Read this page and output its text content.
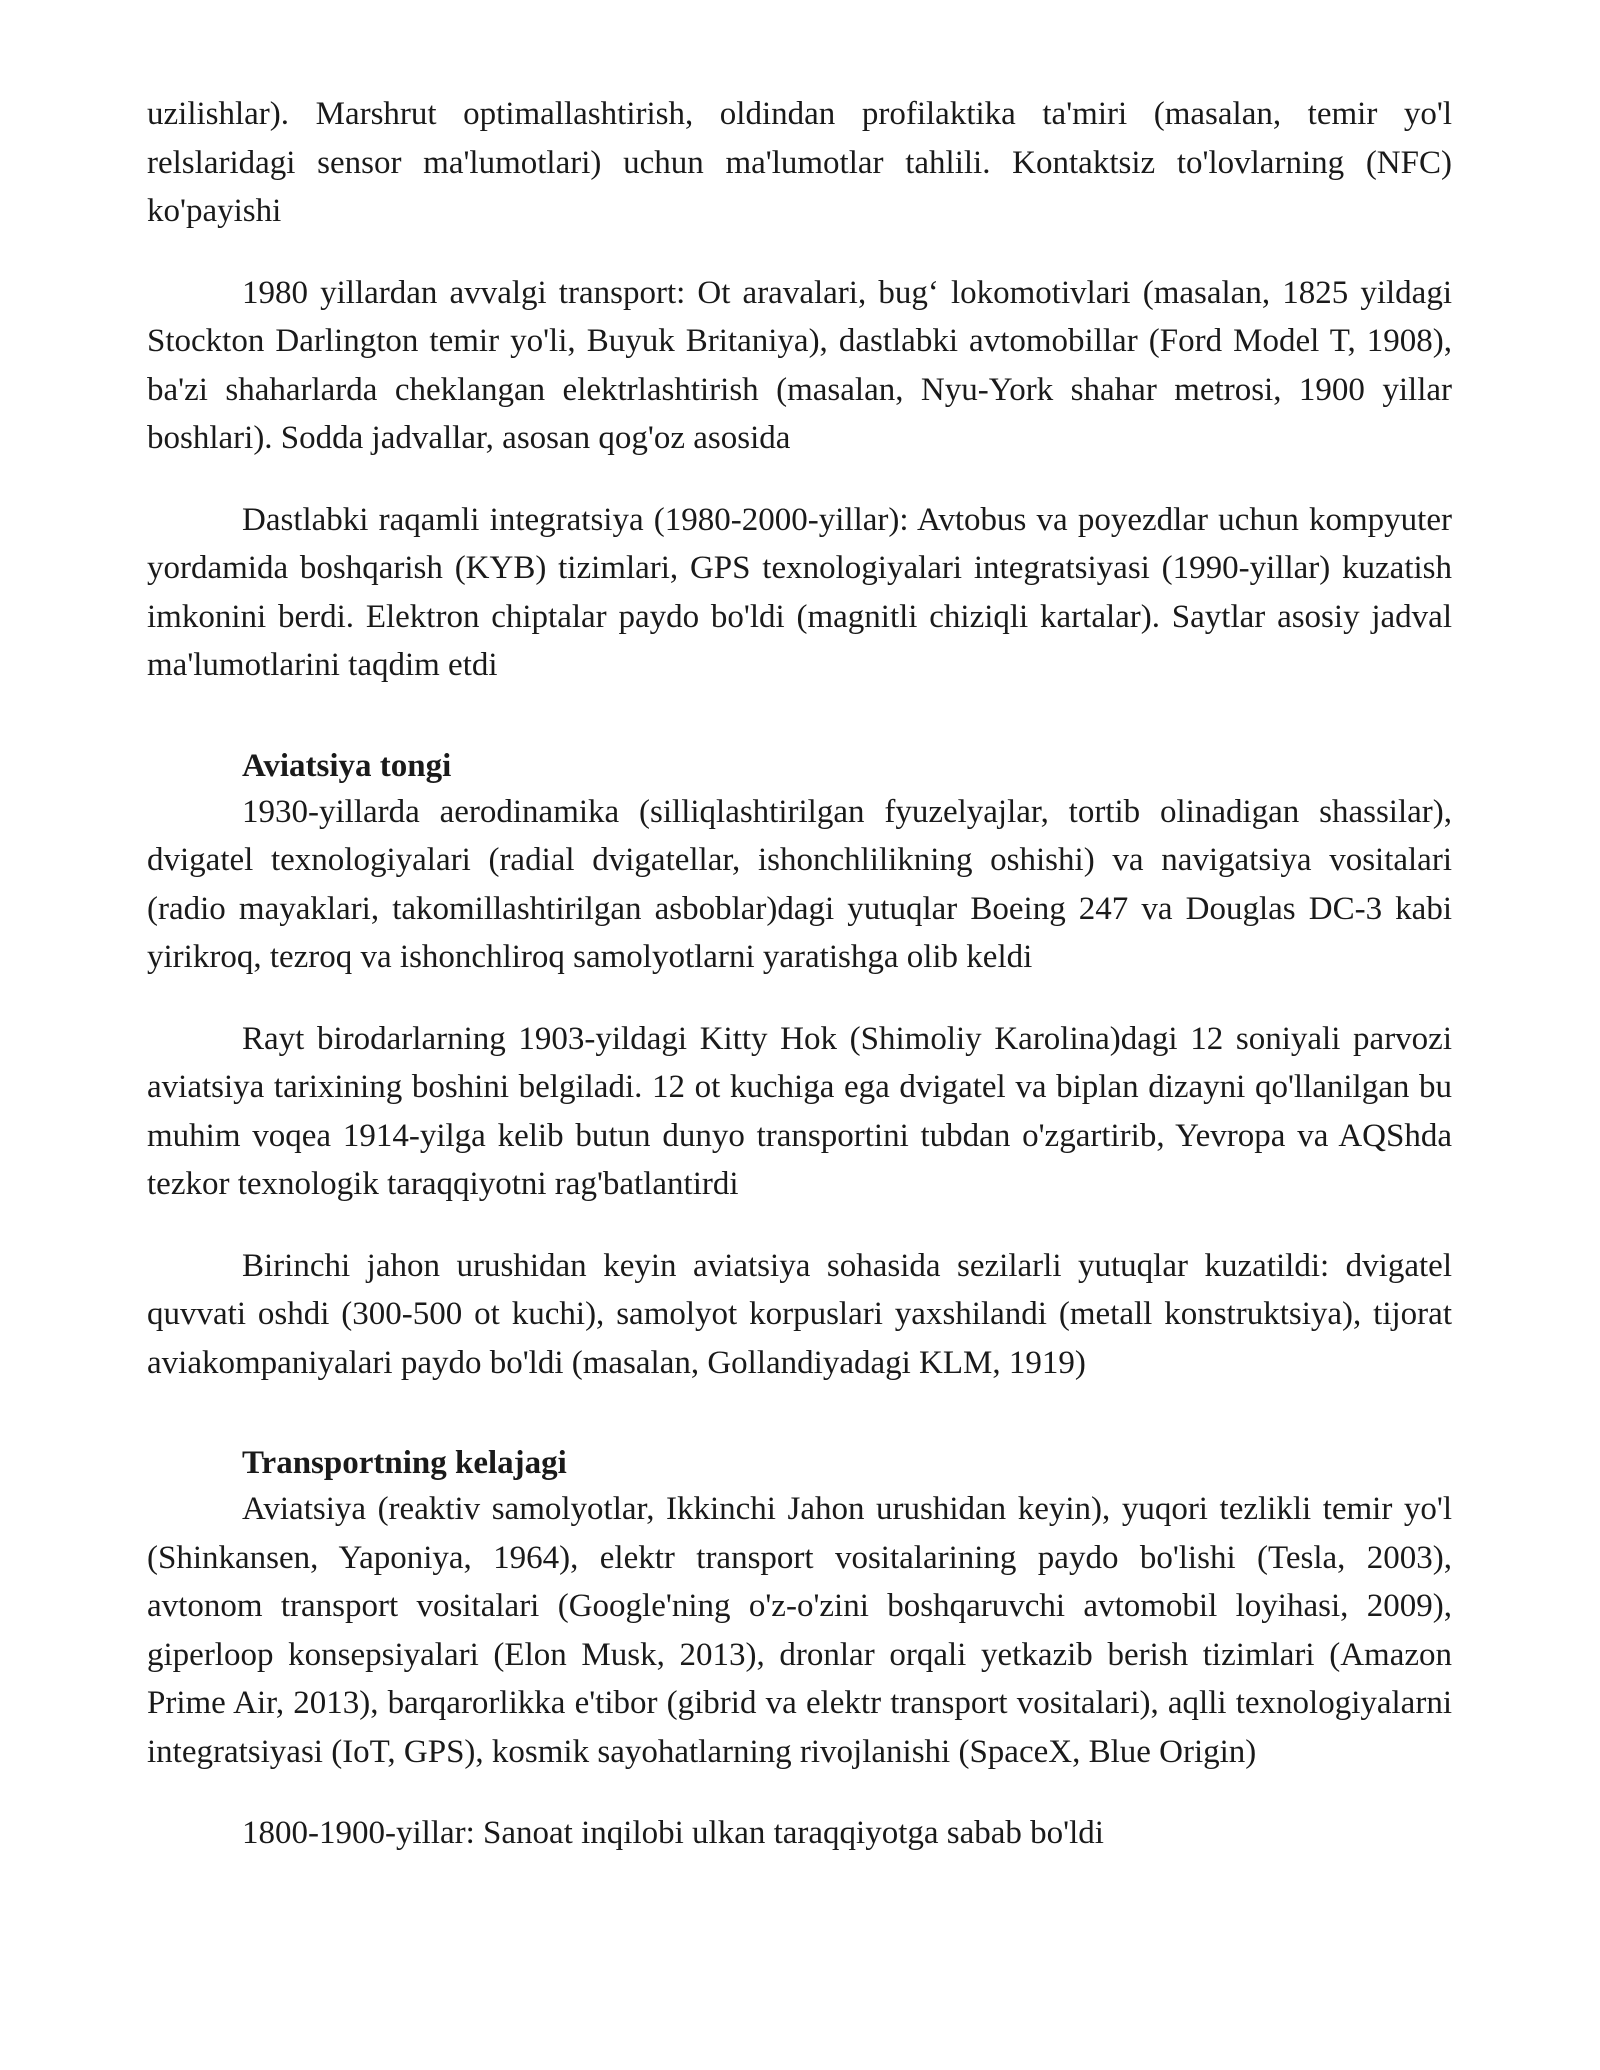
uzilishlar). Marshrut optimallashtirish, oldindan profilaktika ta'miri (masalan, temir yo'l relslaridagi sensor ma'lumotlari) uchun ma'lumotlar tahlili. Kontaktsiz to'lovlarning (NFC) ko'payishi

1980 yillardan avvalgi transport: Ot aravalari, bug‘ lokomotivlari (masalan, 1825 yildagi Stockton Darlington temir yo'li, Buyuk Britaniya), dastlabki avtomobillar (Ford Model T, 1908), ba'zi shaharlarda cheklangan elektrlashtirish (masalan, Nyu-York shahar metrosi, 1900 yillar boshlari). Sodda jadvallar, asosan qog'oz asosida

Dastlabki raqamli integratsiya (1980-2000-yillar): Avtobus va poyezdlar uchun kompyuter yordamida boshqarish (KYB) tizimlari, GPS texnologiyalari integratsiyasi (1990-yillar) kuzatish imkonini berdi. Elektron chiptalar paydo bo'ldi (magnitli chiziqli kartalar). Saytlar asosiy jadval ma'lumotlarini taqdim etdi

Aviatsiya tongi

1930-yillarda aerodinamika (silliqlashtirilgan fyuzelyajlar, tortib olinadigan shassilar), dvigatel texnologiyalari (radial dvigatellar, ishonchlilikning oshishi) va navigatsiya vositalari (radio mayaklari, takomillashtirilgan asboblar)dagi yutuqlar Boeing 247 va Douglas DC-3 kabi yirikroq, tezroq va ishonchliroq samolyotlarni yaratishga olib keldi

Rayt birodarlarning 1903-yildagi Kitty Hok (Shimoliy Karolina)dagi 12 soniyali parvozi aviatsiya tarixining boshini belgiladi. 12 ot kuchiga ega dvigatel va biplan dizayni qo'llanilgan bu muhim voqea 1914-yilga kelib butun dunyo transportini tubdan o'zgartirib, Yevropa va AQShda tezkor texnologik taraqqiyotni rag'batlantirdi

Birinchi jahon urushidan keyin aviatsiya sohasida sezilarli yutuqlar kuzatildi: dvigatel quvvati oshdi (300-500 ot kuchi), samolyot korpuslari yaxshilandi (metall konstruktsiya), tijorat aviakompaniyalari paydo bo'ldi (masalan, Gollandiyadagi KLM, 1919)

Transportning kelajagi

Aviatsiya (reaktiv samolyotlar, Ikkinchi Jahon urushidan keyin), yuqori tezlikli temir yo'l (Shinkansen, Yaponiya, 1964), elektr transport vositalarining paydo bo'lishi (Tesla, 2003), avtonom transport vositalari (Google'ning o'z-o'zini boshqaruvchi avtomobil loyihasi, 2009), giperloop konsepsiyalari (Elon Musk, 2013), dronlar orqali yetkazib berish tizimlari (Amazon Prime Air, 2013), barqarorlikka e'tibor (gibrid va elektr transport vositalari), aqlli texnologiyalarni integratsiyasi (IoT, GPS), kosmik sayohatlarning rivojlanishi (SpaceX, Blue Origin)

1800-1900-yillar: Sanoat inqilobi ulkan taraqqiyotga sabab bo'ldi
